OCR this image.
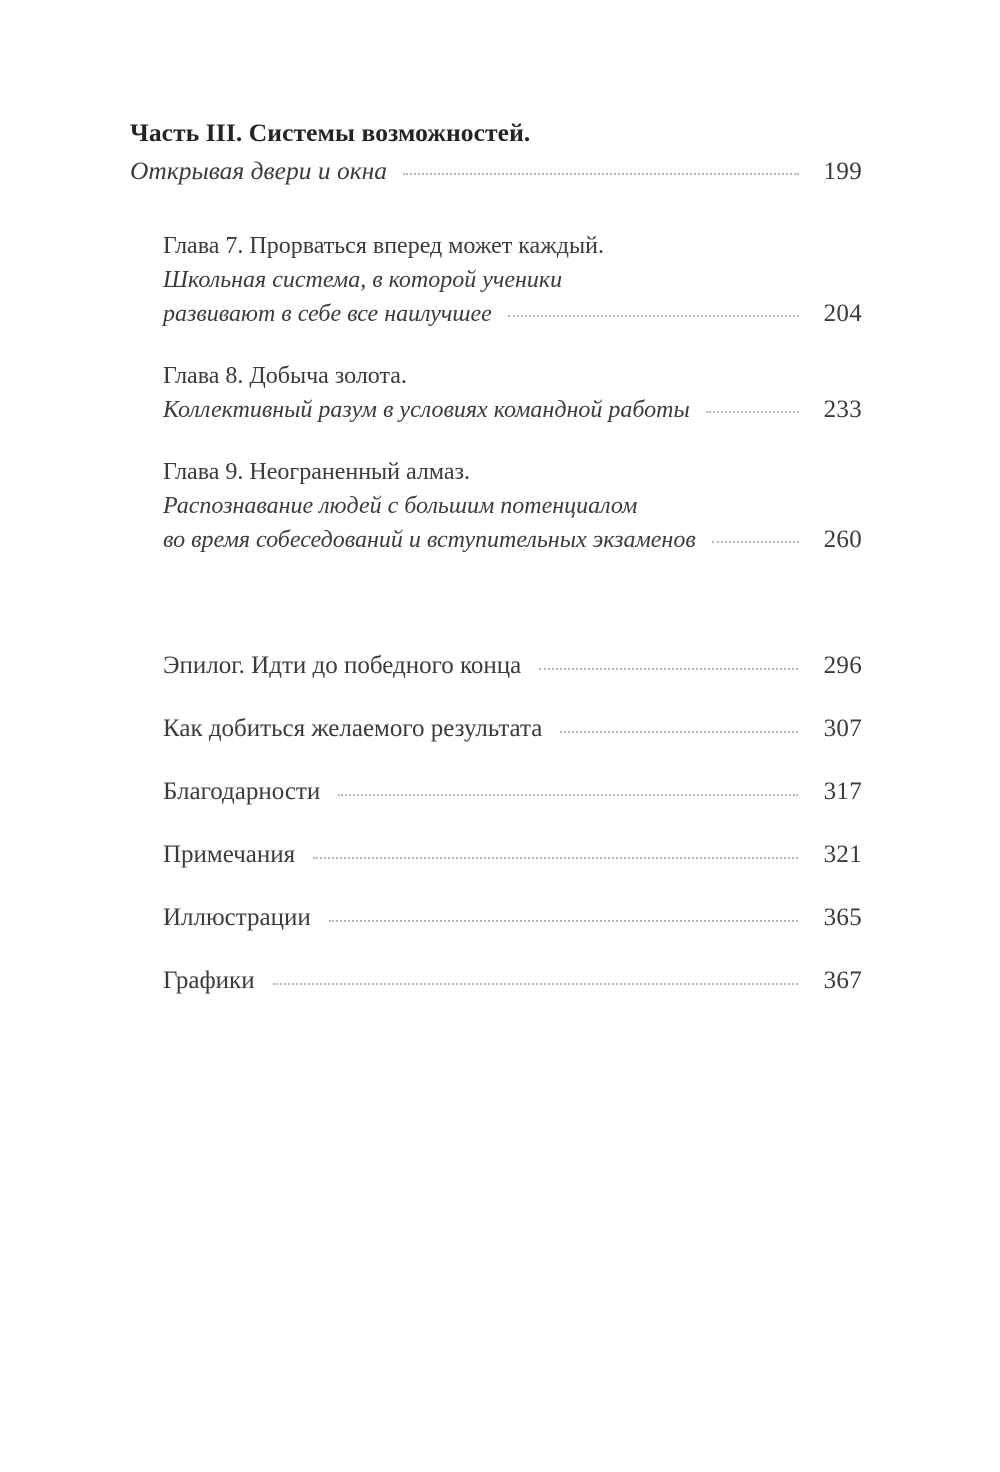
Часть III. Системы возможностей.
Открывая двери и окна	199
Глава 7. Прорваться вперед может каждый.
Школьная система, в которой ученики
развивают в себе все наилучшее	204
Глава 8. Добыча золота.
Коллективный разум в условиях командной работы	233
Глава 9. Неограненный алмаз.
Распознавание людей с большим потенциалом
во время собеседований и вступительных экзаменов	260
Эпилог. Идти до победного конца	296
Как добиться желаемого результата	307
Благодарности	317
Примечания	321
Иллюстрации	365
Графики	367
